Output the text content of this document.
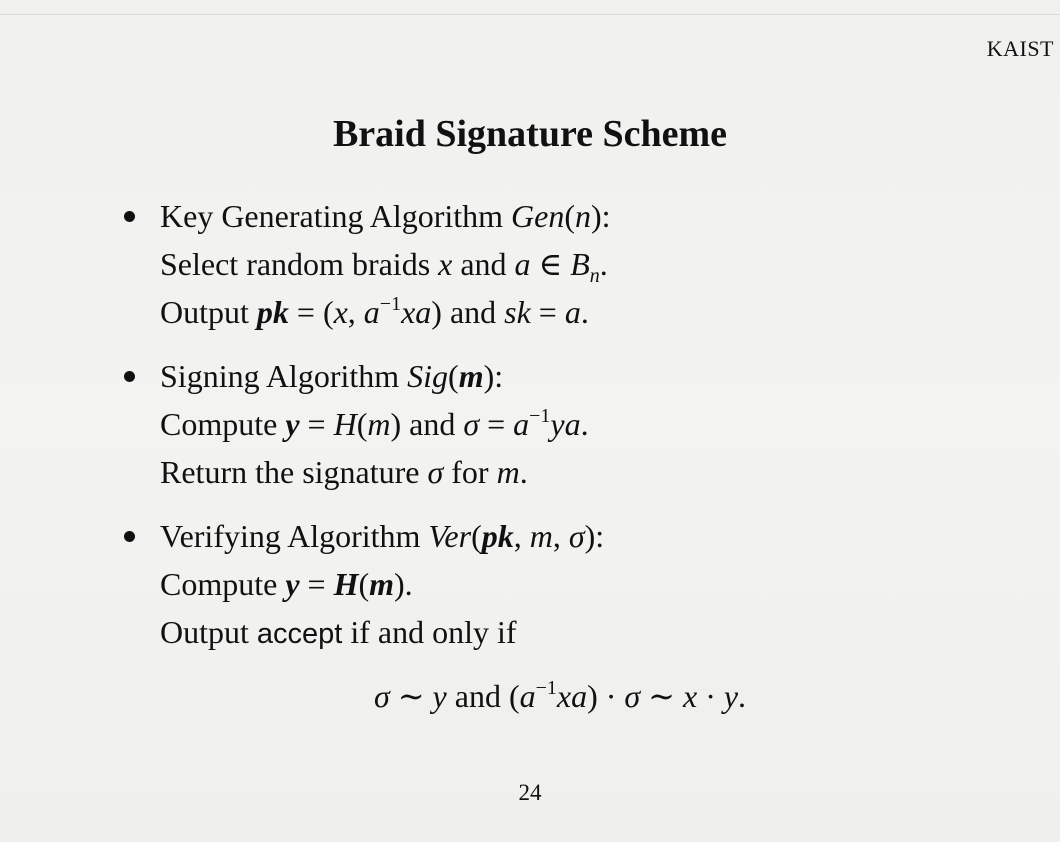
KAIST
Braid Signature Scheme
Key Generating Algorithm Gen(n):
Select random braids x and a ∈ $B_n$.
Output pk = (x, $a^{-1}xa$) and sk = a.
Signing Algorithm Sig(m):
Compute y = H(m) and $\sigma = a^{-1}ya$.
Return the signature σ for m.
Verifying Algorithm Ver(pk, m, σ):
Compute y = H(m).
Output accept if and only if
σ ∼ y and $(a^{-1}xa) \cdot \sigma$ ∼ x · y.
24
